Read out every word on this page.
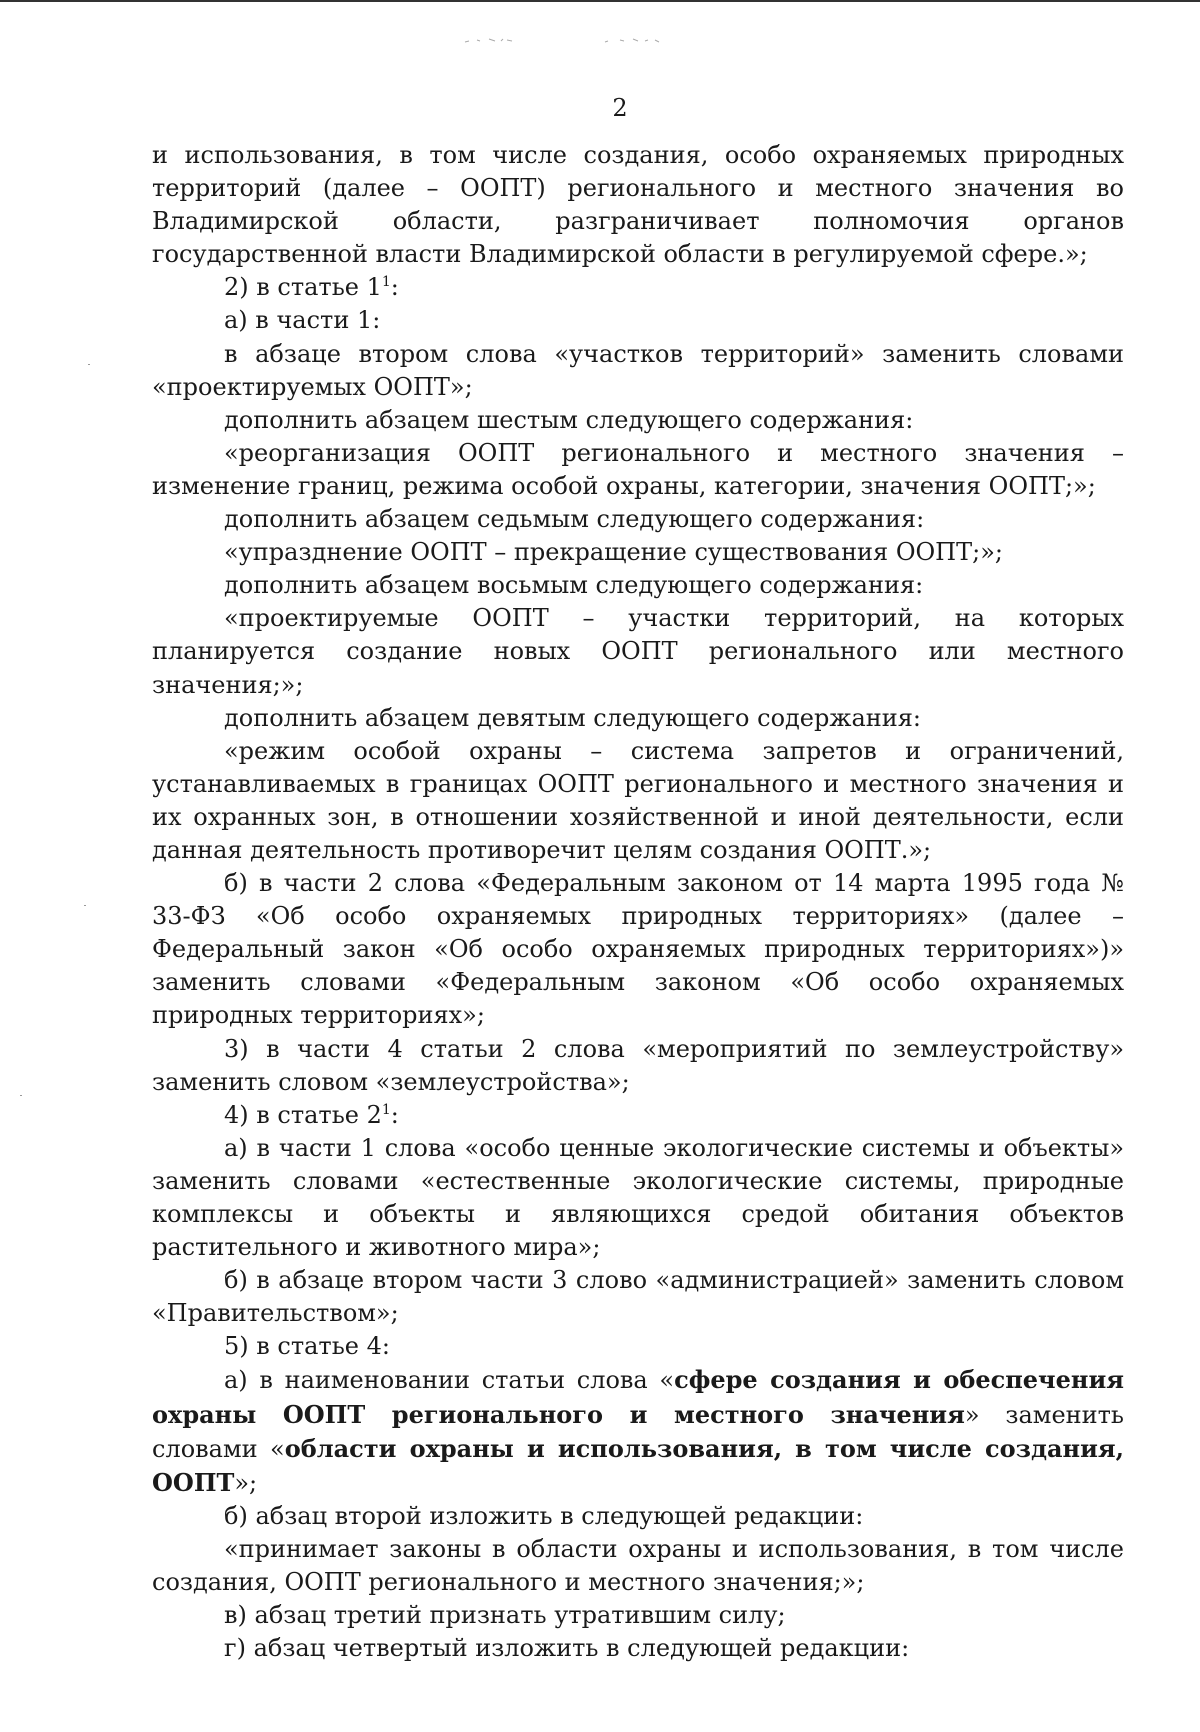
2

и использования, в том числе создания, особо охраняемых природных территорий (далее – ООПТ) регионального и местного значения во Владимирской области, разграничивает полномочия органов государственной власти Владимирской области в регулируемой сфере.»;

2) в статье $1^1$:

а) в части 1:

в абзаце втором слова «участков территорий» заменить словами «проектируемых ООПТ»;

дополнить абзацем шестым следующего содержания:

«реорганизация ООПТ регионального и местного значения – изменение границ, режима особой охраны, категории, значения ООПТ;»;

дополнить абзацем седьмым следующего содержания:

«упразднение ООПТ – прекращение существования ООПТ;»;

дополнить абзацем восьмым следующего содержания:

«проектируемые ООПТ – участки территорий, на которых планируется создание новых ООПТ регионального или местного значения;»;

дополнить абзацем девятым следующего содержания:

«режим особой охраны – система запретов и ограничений, устанавливаемых в границах ООПТ регионального и местного значения и их охранных зон, в отношении хозяйственной и иной деятельности, если данная деятельность противоречит целям создания ООПТ.»;

б) в части 2 слова «Федеральным законом от 14 марта 1995 года № 33-ФЗ «Об особо охраняемых природных территориях» (далее – Федеральный закон «Об особо охраняемых природных территориях»)» заменить словами «Федеральным законом «Об особо охраняемых природных территориях»;

3) в части 4 статьи 2 слова «мероприятий по землеустройству» заменить словом «землеустройства»;

4) в статье $2^1$:

а) в части 1 слова «особо ценные экологические системы и объекты» заменить словами «естественные экологические системы, природные комплексы и объекты и являющихся средой обитания объектов растительного и животного мира»;

б) в абзаце втором части 3 слово «администрацией» заменить словом «Правительством»;

5) в статье 4:

а) в наименовании статьи слова «сфере создания и обеспечения охраны ООПТ регионального и местного значения» заменить словами «области охраны и использования, в том числе создания, ООПТ»;

б) абзац второй изложить в следующей редакции:

«принимает законы в области охраны и использования, в том числе создания, ООПТ регионального и местного значения;»;

в) абзац третий признать утратившим силу;

г) абзац четвертый изложить в следующей редакции:
